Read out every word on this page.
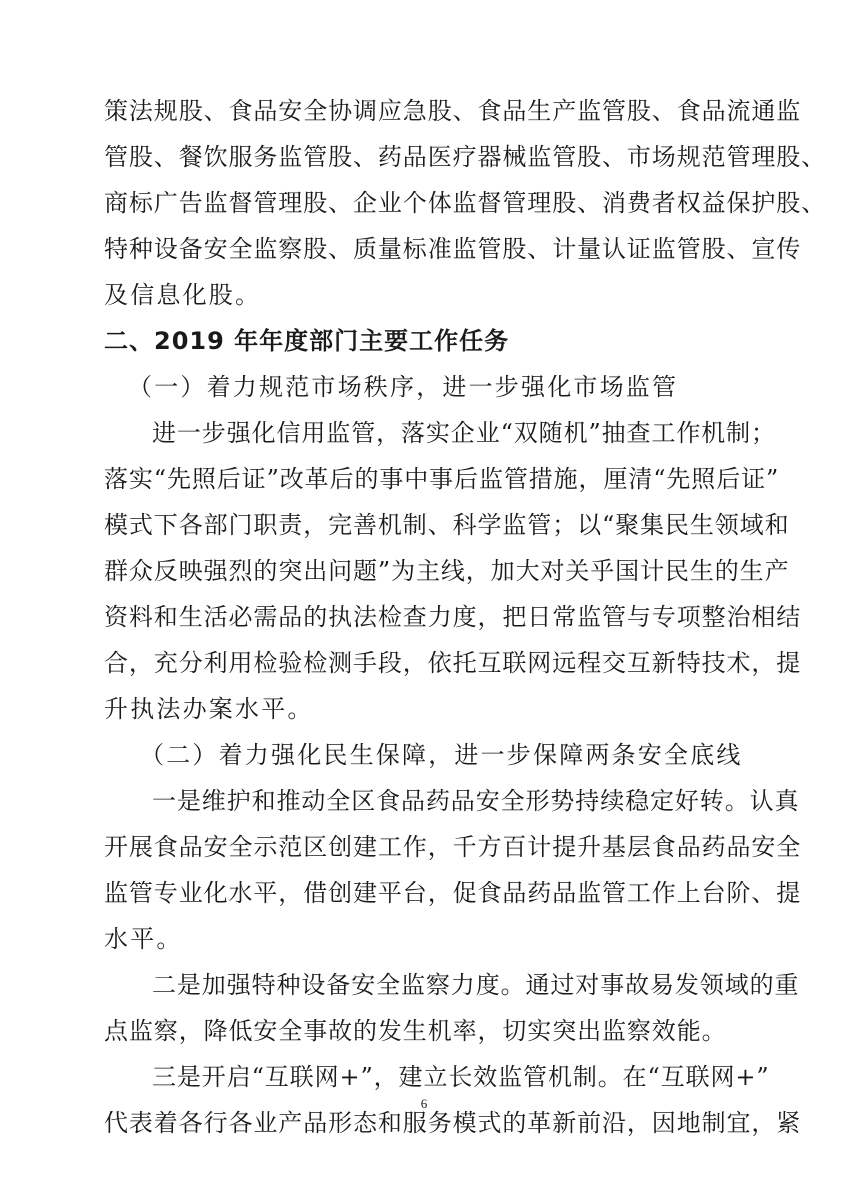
策法规股、食品安全协调应急股、食品生产监管股、食品流通监
管股、餐饮服务监管股、药品医疗器械监管股、市场规范管理股、
商标广告监督管理股、企业个体监督管理股、消费者权益保护股、
特种设备安全监察股、质量标准监管股、计量认证监管股、宣传
及信息化股。
二、2019 年年度部门主要工作任务
（一）着力规范市场秩序，进一步强化市场监管
进一步强化信用监管，落实企业“双随机”抽查工作机制；
落实“先照后证”改革后的事中事后监管措施，厘清“先照后证”
模式下各部门职责，完善机制、科学监管；以“聚集民生领域和
群众反映强烈的突出问题”为主线，加大对关乎国计民生的生产
资料和生活必需品的执法检查力度，把日常监管与专项整治相结
合，充分利用检验检测手段，依托互联网远程交互新特技术，提
升执法办案水平。
（二）着力强化民生保障，进一步保障两条安全底线
一是维护和推动全区食品药品安全形势持续稳定好转。认真
开展食品安全示范区创建工作，千方百计提升基层食品药品安全
监管专业化水平，借创建平台，促食品药品监管工作上台阶、提
水平。
二是加强特种设备安全监察力度。通过对事故易发领域的重
点监察，降低安全事故的发生机率，切实突出监察效能。
三是开启“互联网+”，建立长效监管机制。在“互联网+”
代表着各行各业产品形态和服务模式的革新前沿，因地制宜，紧
6
